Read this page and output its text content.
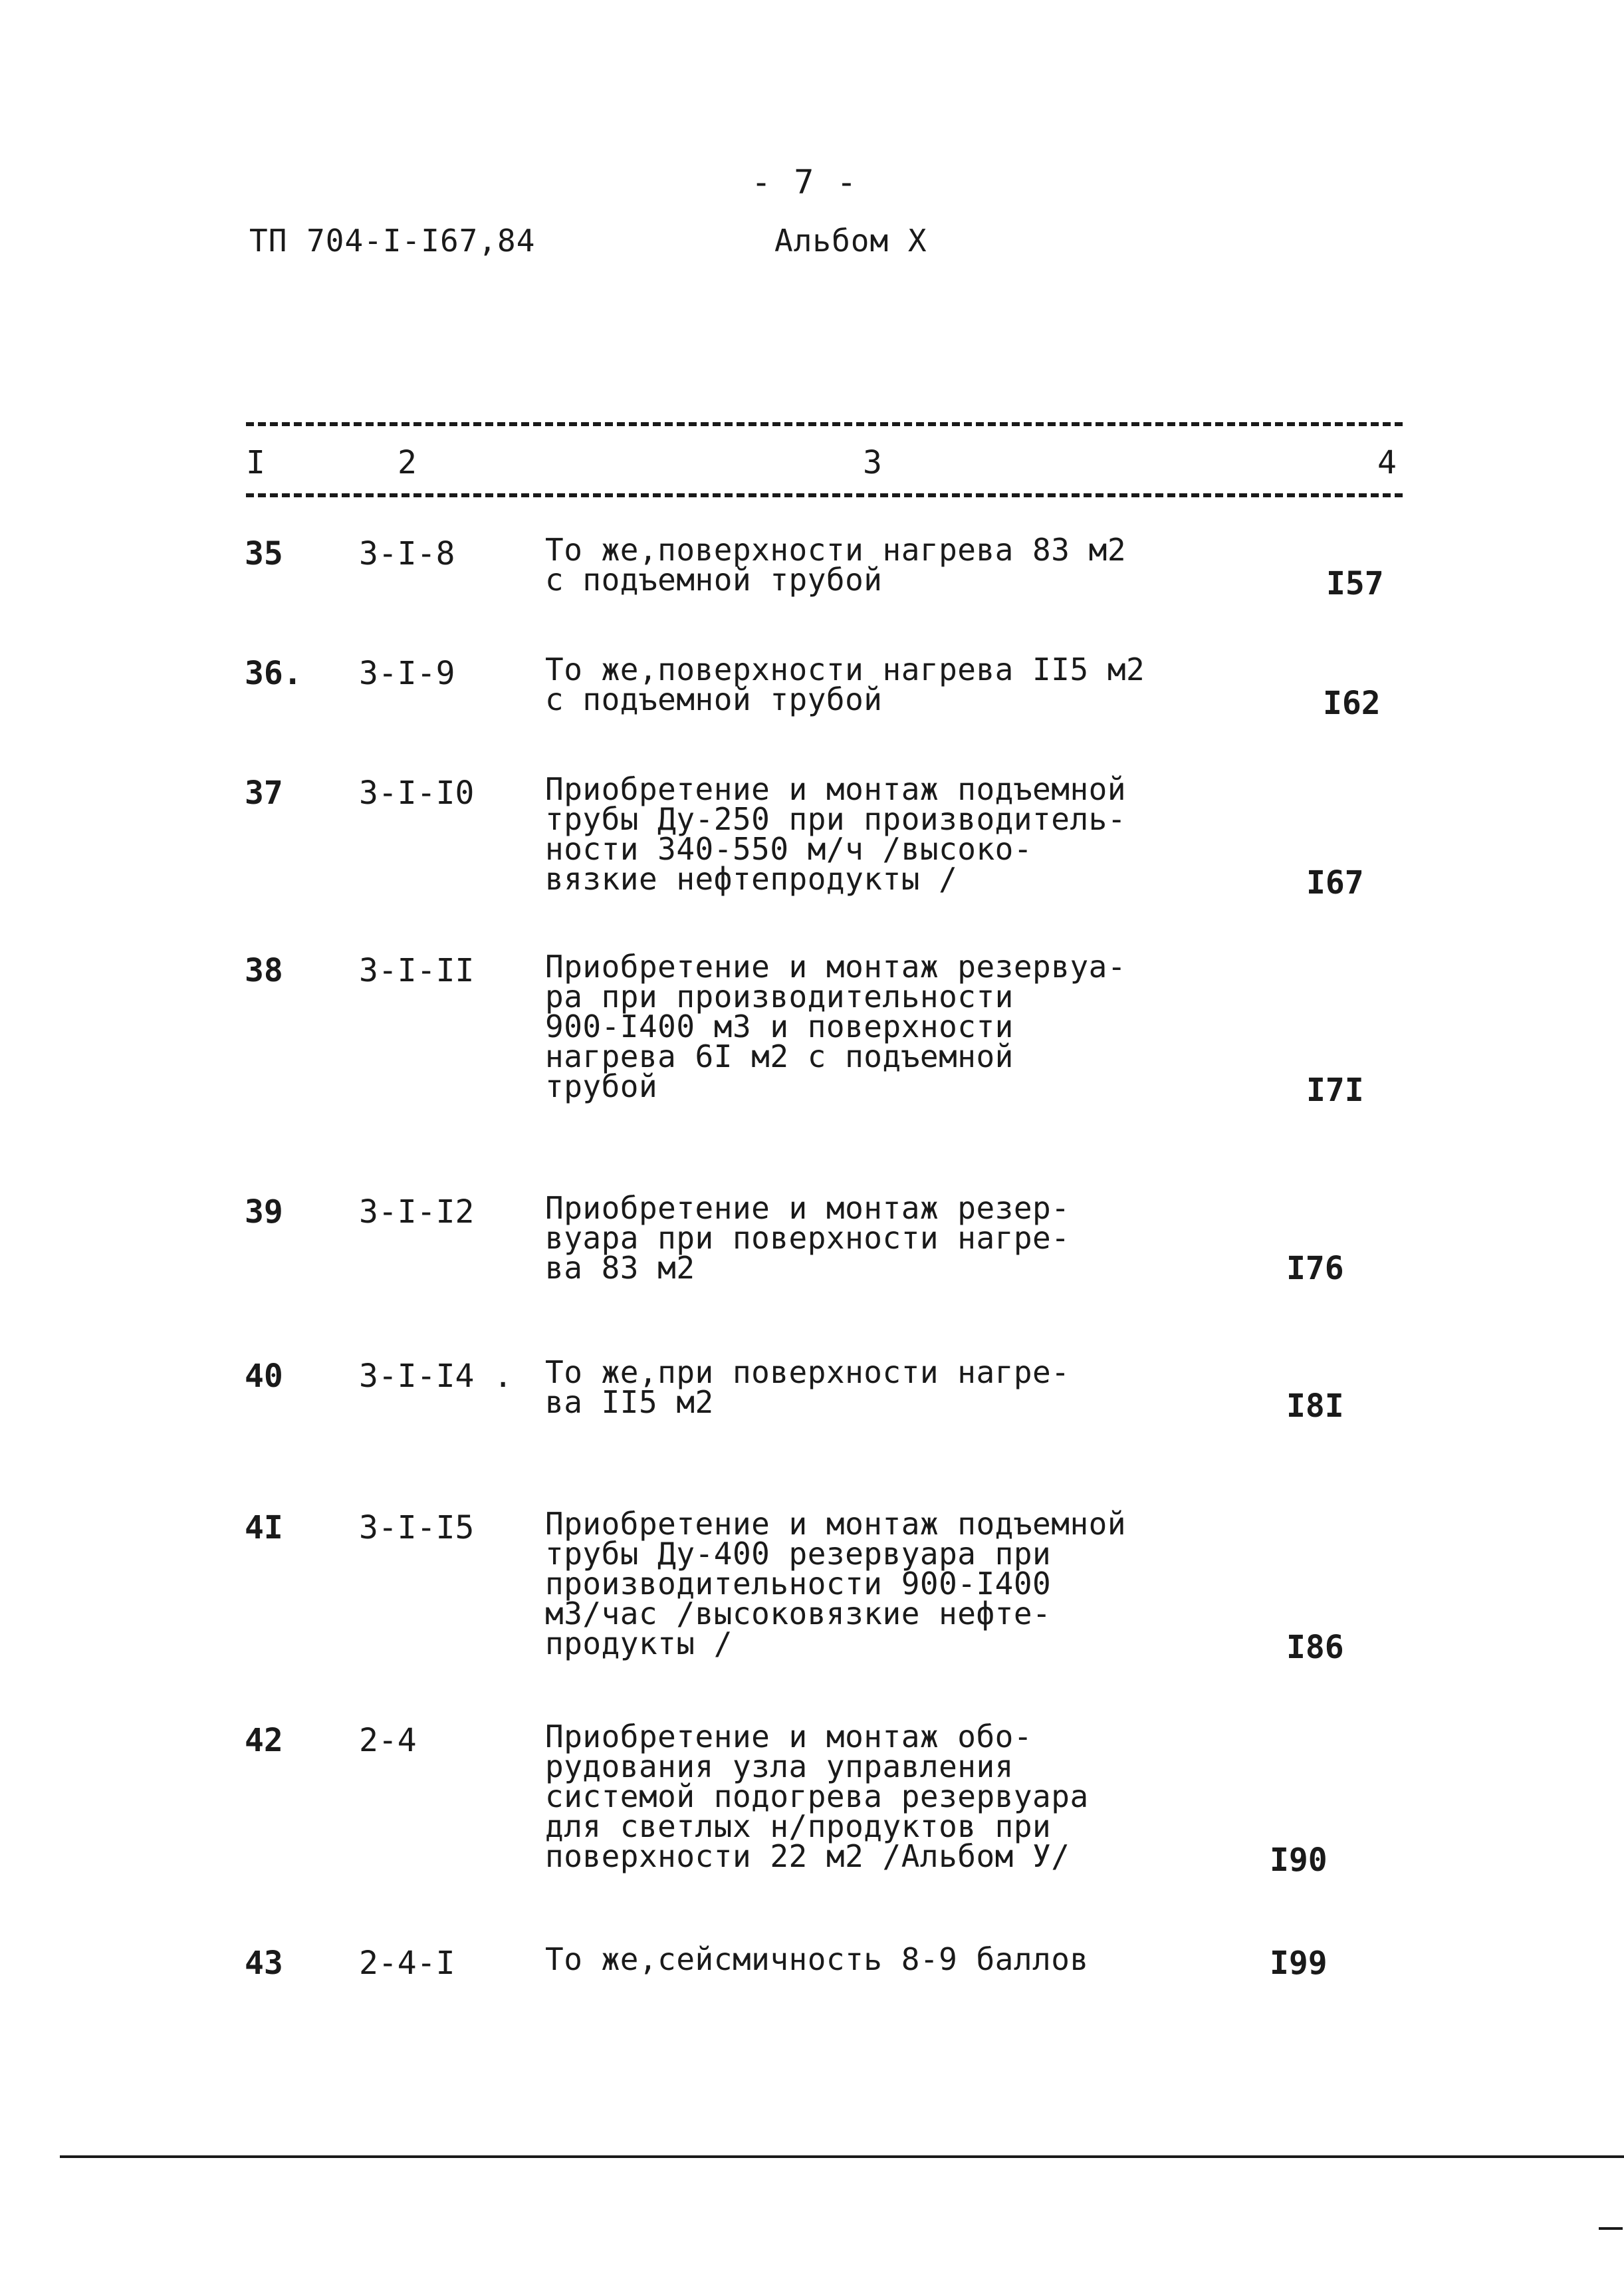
- 7 -
ТП 704-I-I67,84	Альбом X
I	2	3	4
35 3-I-8	То же,поверхности нагрева 83 м2
с подъемной трубой	I57
36. 3-I-9	То же,поверхности нагрева II5 м2
с подъемной трубой	I62
37 3-I-I0 Приобретение и монтаж подъемной
трубы Ду-250 при производитель-
ности 340-550 м/ч /высоко-
вязкие нефтепродукты /	I67
38 3-I-II Приобретение и монтаж резервуа-
ра при производительности
900-I400 м3 и поверхности
нагрева 6I м2 с подъемной
трубой	I7I
39 3-I-I2 Приобретение и монтаж резер-
вуара при поверхности нагре-
ва 83 м2	I76
40 3-I-I4 . То же,при поверхности нагре-
ва II5 м2	I8I
4I 3-I-I5 Приобретение и монтаж подъемной
трубы Ду-400 резервуара при
производительности 900-I400
м3/час /высоковязкие нефте-
продукты /	I86
42 2-4	Приобретение и монтаж обо-
рудования узла управления
системой подогрева резервуара
для светлых н/продуктов при
поверхности 22 м2 /Альбом У/	I90
43 2-4-I	То же,сейсмичность 8-9 баллов	I99
